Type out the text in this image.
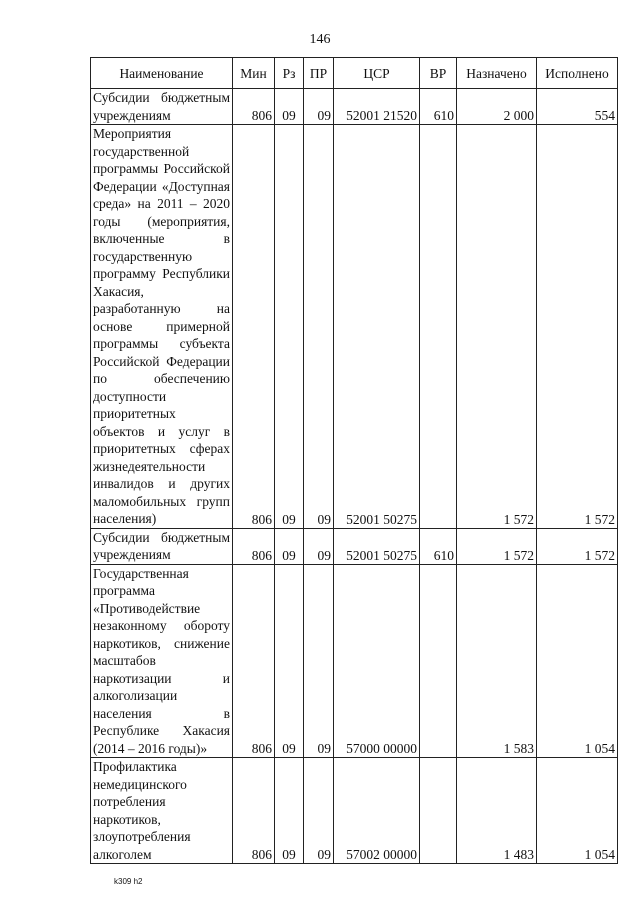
146
Наименование	Мин	Рз	ПР	ЦСР	ВР	Назначено	Исполнено
Субсидии бюджетным учреждениям	806	09	09	52001 21520	610	2 000	554
Мероприятия государственной программы Российской Федерации «Доступная среда» на 2011 – 2020 годы (мероприятия, включенные в государственную программу Республики Хакасия, разработанную на основе примерной программы субъекта Российской Федерации по обеспечению доступности приоритетных объектов и услуг в приоритетных сферах жизнедеятельности инвалидов и других маломобильных групп населения)	806	09	09	52001 50275		1 572	1 572
Субсидии бюджетным учреждениям	806	09	09	52001 50275	610	1 572	1 572
Государственная программа «Противодействие незаконному обороту наркотиков, снижение масштабов наркотизации и алкоголизации населения в Республике Хакасия (2014 – 2016 годы)»	806	09	09	57000 00000		1 583	1 054
Профилактика немедицинского потребления наркотиков, злоупотребления алкоголем	806	09	09	57002 00000		1 483	1 054
k309 h2
